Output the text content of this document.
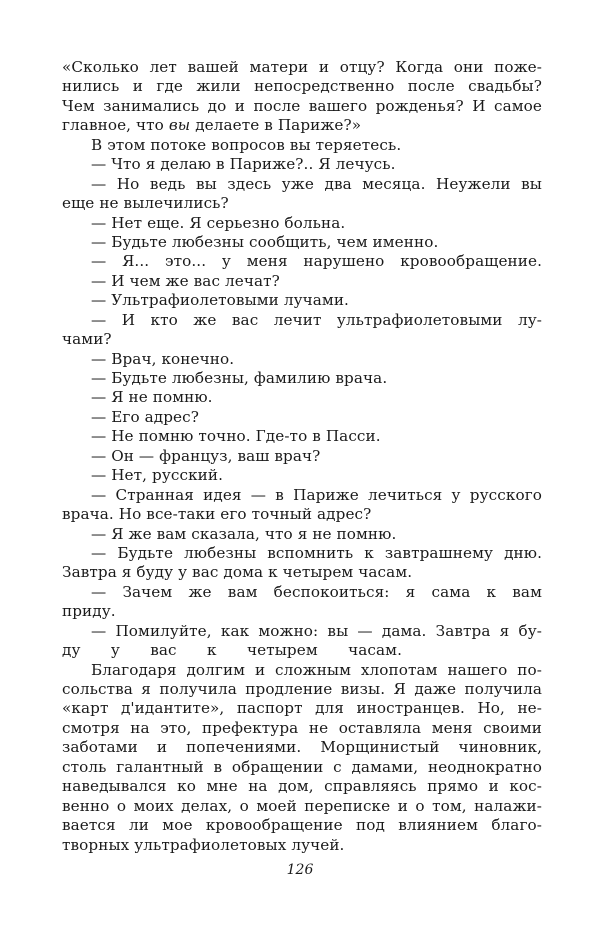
«Сколько лет вашей матери и отцу? Когда они поже-
нились и где жили непосредственно после свадьбы?
Чем занимались до и после вашего рожденья? И самое
главное, что вы делаете в Париже?»
В этом потоке вопросов вы теряетесь.
— Что я делаю в Париже?.. Я лечусь.
— Но ведь вы здесь уже два месяца. Неужели вы
еще не вылечились?
— Нет еще. Я серьезно больна.
— Будьте любезны сообщить, чем именно.
— Я... это... у меня нарушено кровообращение.
— И чем же вас лечат?
— Ультрафиолетовыми лучами.
— И кто же вас лечит ультрафиолетовыми лу-
чами?
— Врач, конечно.
— Будьте любезны, фамилию врача.
— Я не помню.
— Его адрес?
— Не помню точно. Где-то в Пасси.
— Он — француз, ваш врач?
— Нет, русский.
— Странная идея — в Париже лечиться у русского
врача. Но все-таки его точный адрес?
— Я же вам сказала, что я не помню.
— Будьте любезны вспомнить к завтрашнему дню.
Завтра я буду у вас дома к четырем часам.
— Зачем же вам беспокоиться: я сама к вам
приду.
— Помилуйте, как можно: вы — дама. Завтра я бу-
ду у вас к четырем часам.
Благодаря долгим и сложным хлопотам нашего по-
сольства я получила продление визы. Я даже получила
«карт д'идантите», паспорт для иностранцев. Но, не-
смотря на это, префектура не оставляла меня своими
заботами и попечениями. Морщинистый чиновник,
столь галантный в обращении с дамами, неоднократно
наведывался ко мне на дом, справляясь прямо и кос-
венно о моих делах, о моей переписке и о том, налажи-
вается ли мое кровообращение под влиянием благо-
творных ультрафиолетовых лучей.
126
